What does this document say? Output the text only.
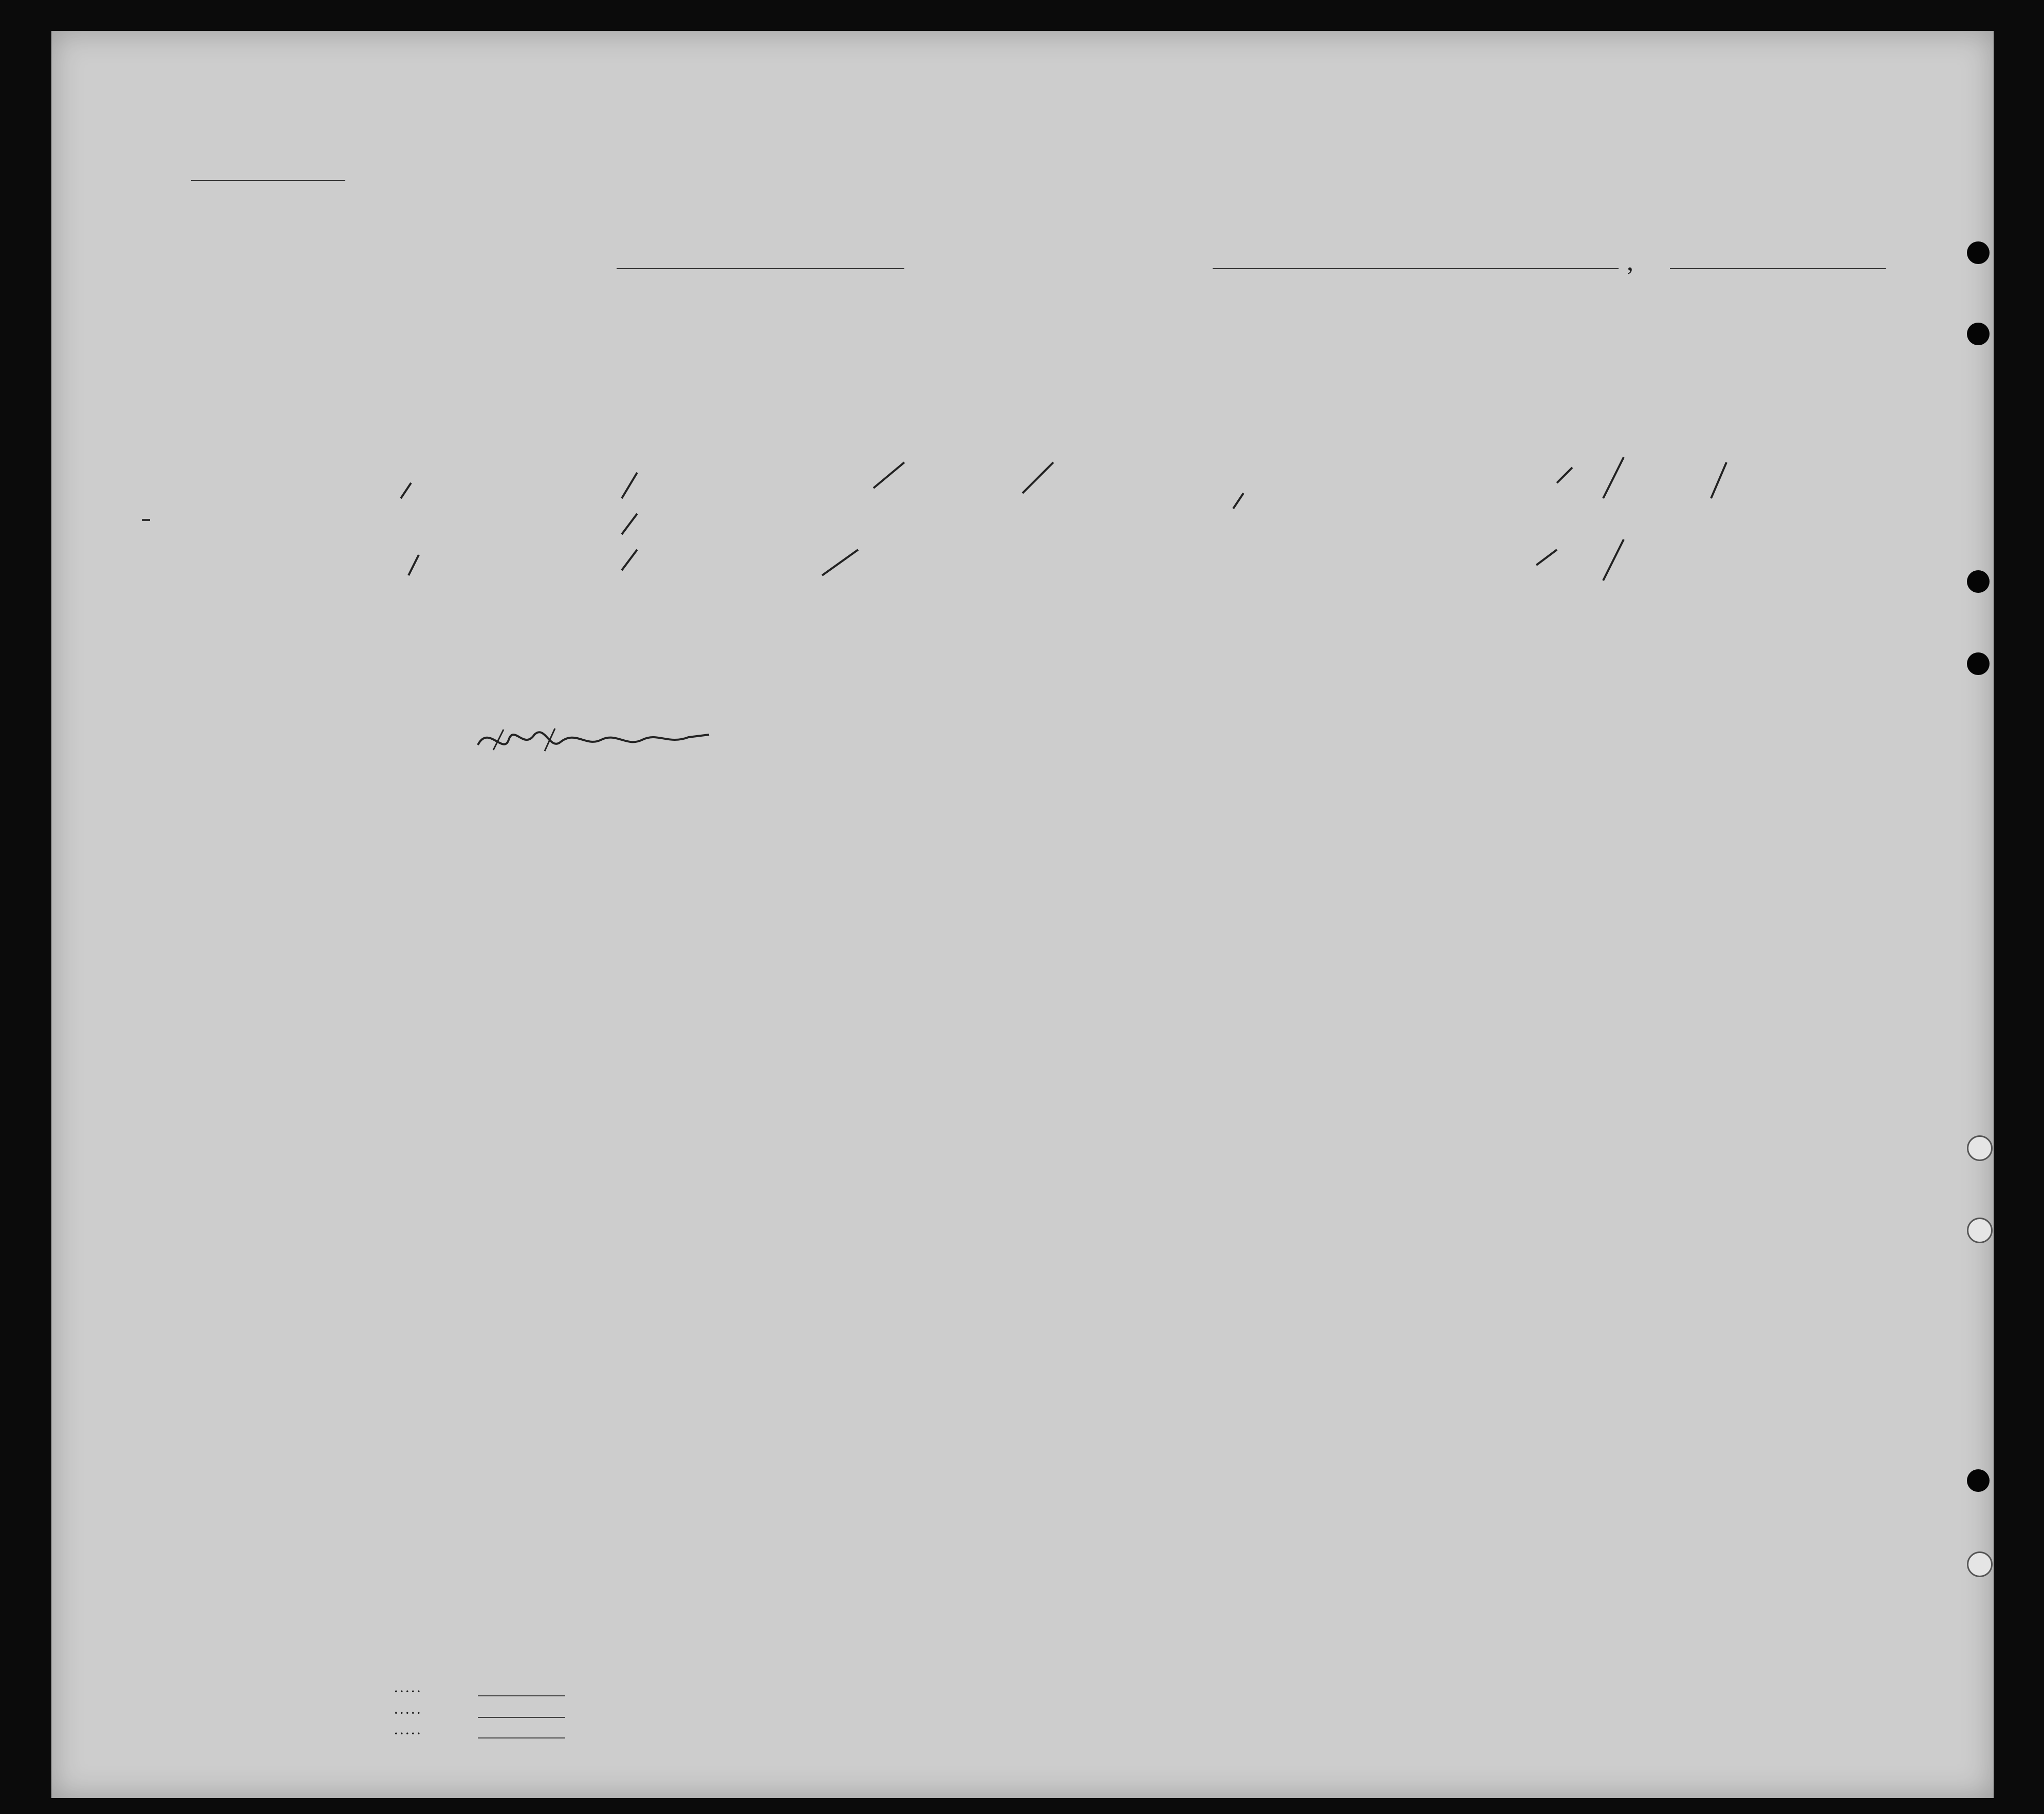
,
. . . . .
. . . . .
. . . . .
